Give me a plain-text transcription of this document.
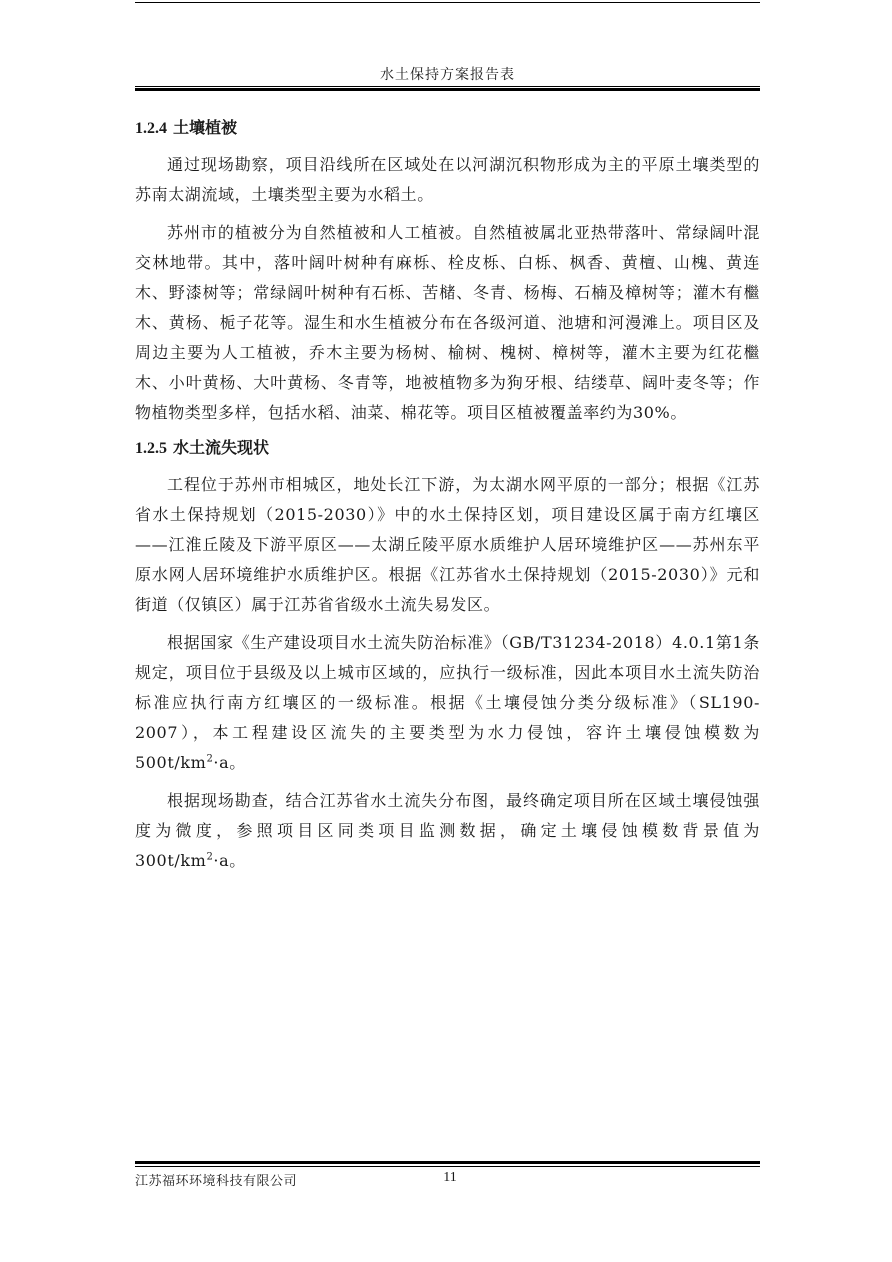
水土保持方案报告表
1.2.4 土壤植被

通过现场勘察，项目沿线所在区域处在以河湖沉积物形成为主的平原土壤类型的苏南太湖流域，土壤类型主要为水稻土。

苏州市的植被分为自然植被和人工植被。自然植被属北亚热带落叶、常绿阔叶混交林地带。其中，落叶阔叶树种有麻栎、栓皮栎、白栎、枫香、黄檀、山槐、黄连木、野漆树等；常绿阔叶树种有石栎、苦槠、冬青、杨梅、石楠及樟树等；灌木有檵木、黄杨、栀子花等。湿生和水生植被分布在各级河道、池塘和河漫滩上。项目区及周边主要为人工植被，乔木主要为杨树、榆树、槐树、樟树等，灌木主要为红花檵木、小叶黄杨、大叶黄杨、冬青等，地被植物多为狗牙根、结缕草、阔叶麦冬等；作物植物类型多样，包括水稻、油菜、棉花等。项目区植被覆盖率约为30%。

1.2.5 水土流失现状

工程位于苏州市相城区，地处长江下游，为太湖水网平原的一部分；根据《江苏省水土保持规划（2015-2030）》中的水土保持区划，项目建设区属于南方红壤区——江淮丘陵及下游平原区——太湖丘陵平原水质维护人居环境维护区——苏州东平原水网人居环境维护水质维护区。根据《江苏省水土保持规划（2015-2030）》元和街道（仅镇区）属于江苏省省级水土流失易发区。

根据国家《生产建设项目水土流失防治标准》（GB/T31234-2018）4.0.1第1条规定，项目位于县级及以上城市区域的，应执行一级标准，因此本项目水土流失防治标准应执行南方红壤区的一级标准。根据《土壤侵蚀分类分级标准》（SL190-2007），本工程建设区流失的主要类型为水力侵蚀，容许土壤侵蚀模数为$500t/km^2\cdot a$。

根据现场勘查，结合江苏省水土流失分布图，最终确定项目所在区域土壤侵蚀强度为微度，参照项目区同类项目监测数据，确定土壤侵蚀模数背景值为$300t/km^2\cdot a$。

江苏福环环境科技有限公司	11
